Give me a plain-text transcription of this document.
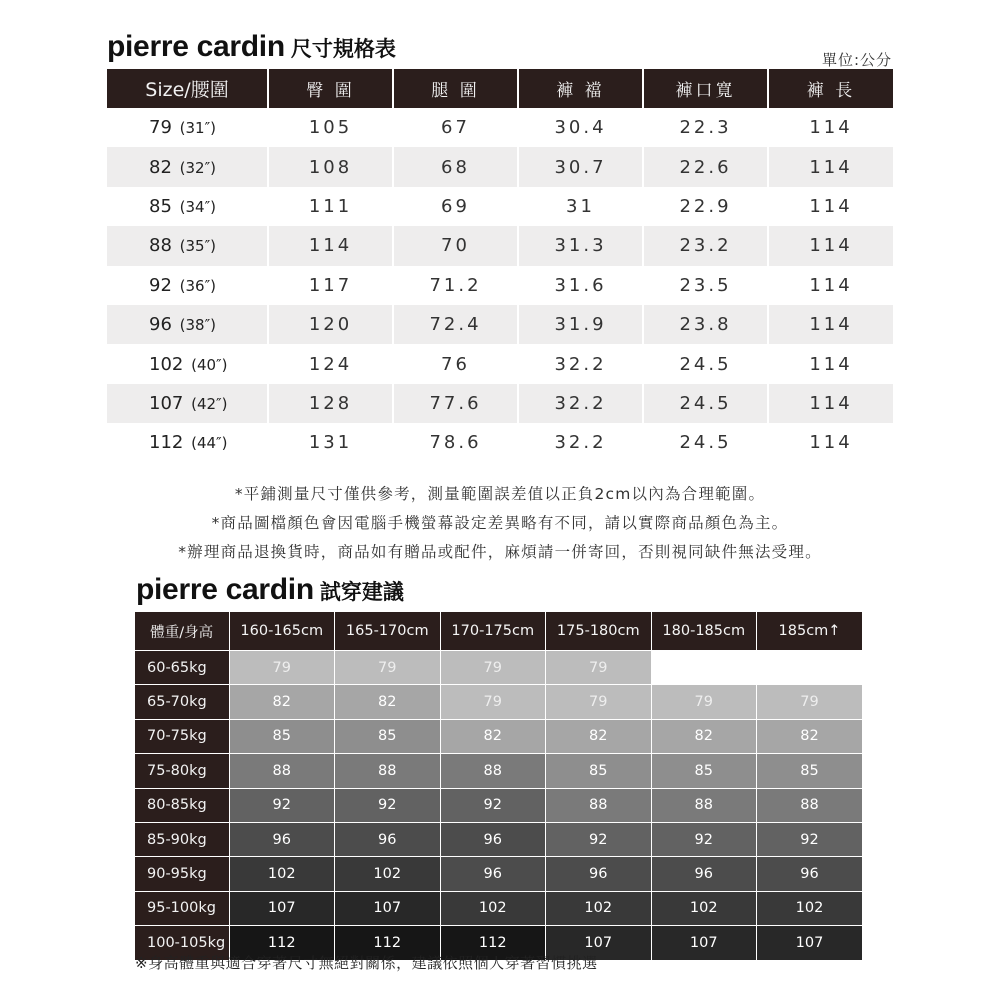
pierre cardin 尺寸規格表	單位:公分
Size/腰圍	臀 圍	腿 圍	褲 襠	褲口寬	褲 長
79 (31″)	105	67	30.4	22.3	114
82 (32″)	108	68	30.7	22.6	114
85 (34″)	111	69	31	22.9	114
88 (35″)	114	70	31.3	23.2	114
92 (36″)	117	71.2	31.6	23.5	114
96 (38″)	120	72.4	31.9	23.8	114
102 (40″)	124	76	32.2	24.5	114
107 (42″)	128	77.6	32.2	24.5	114
112 (44″)	131	78.6	32.2	24.5	114
*平鋪測量尺寸僅供參考，測量範圍誤差值以正負2cm以內為合理範圍。
*商品圖檔顏色會因電腦手機螢幕設定差異略有不同，請以實際商品顏色為主。
*辦理商品退換貨時，商品如有贈品或配件，麻煩請一併寄回，否則視同缺件無法受理。
pierre cardin 試穿建議
體重/身高	160-165cm	165-170cm	170-175cm	175-180cm	180-185cm	185cm↑
60-65kg	79	79	79	79		
65-70kg	82	82	79	79	79	79
70-75kg	85	85	82	82	82	82
75-80kg	88	88	88	85	85	85
80-85kg	92	92	92	88	88	88
85-90kg	96	96	96	92	92	92
90-95kg	102	102	96	96	96	96
95-100kg	107	107	102	102	102	102
100-105kg	112	112	112	107	107	107
※身高體重與適合穿著尺寸無絕對關係，建議依照個人穿著習慣挑選
